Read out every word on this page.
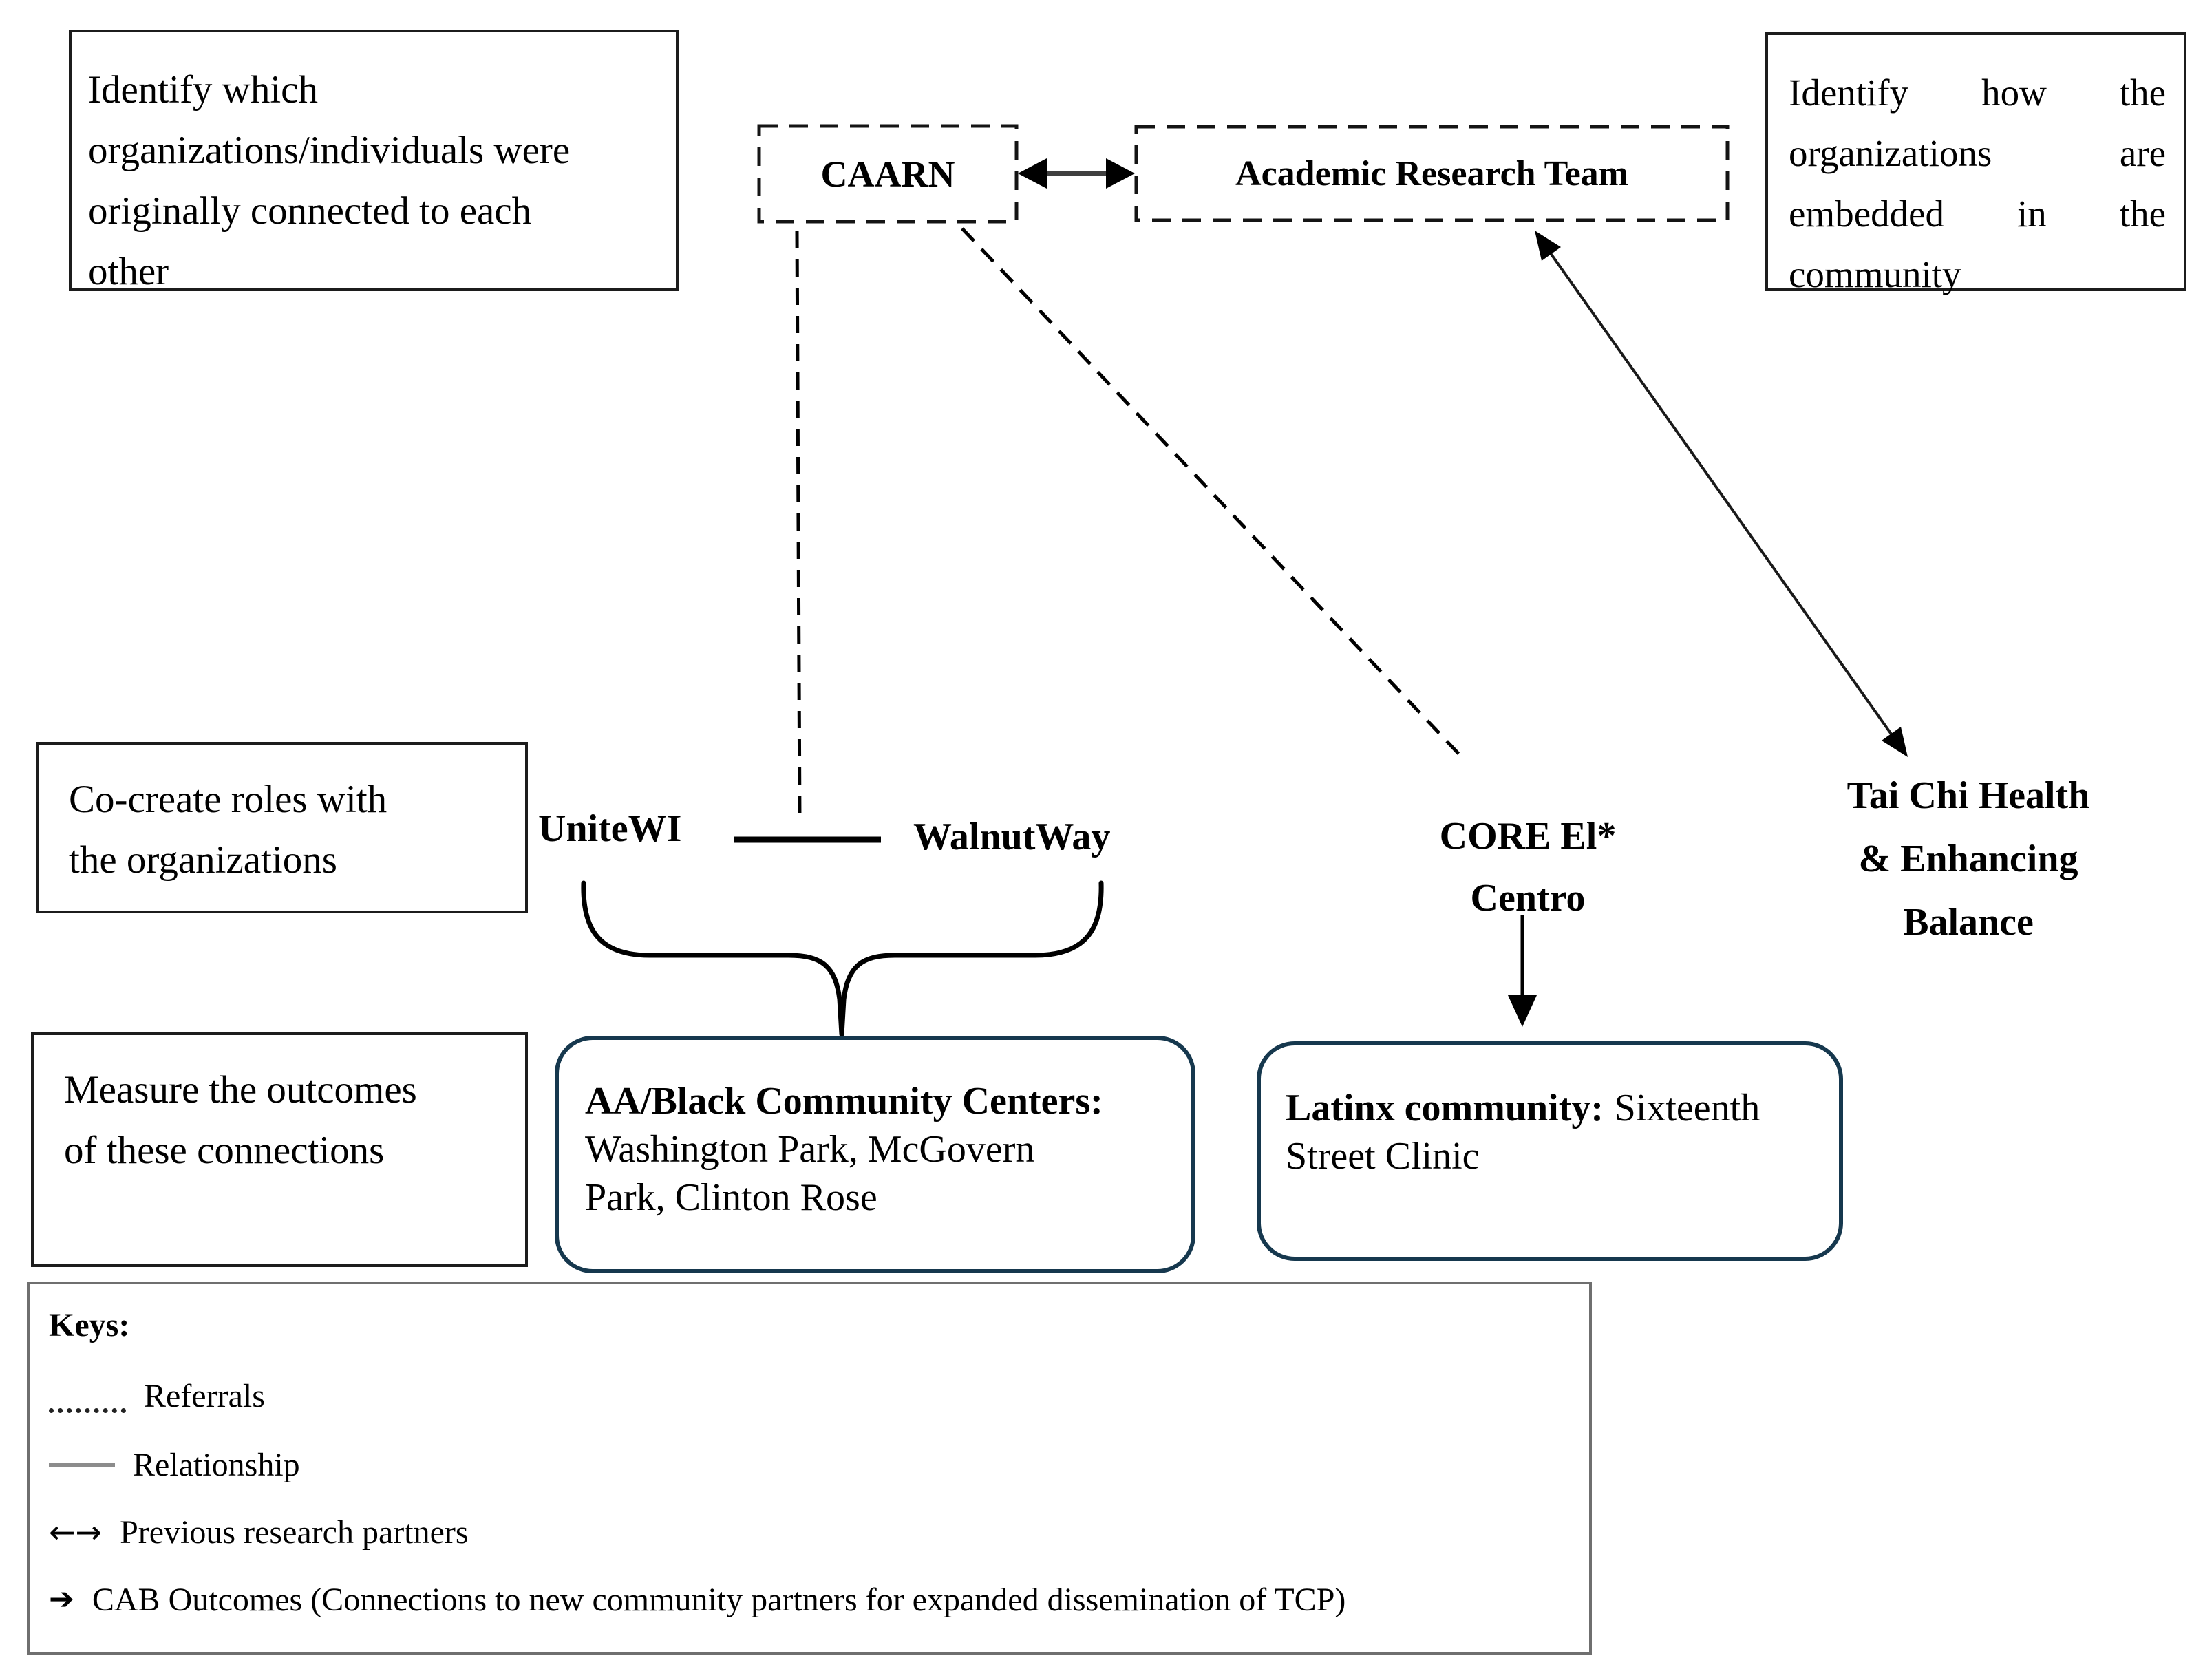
Identify which
organizations/individuals were
originally connected to each
other
Identify how the
organizations are
embedded in the
community
CAARN	Academic Research Team
Co-create roles with
the organizations
Measure the outcomes
of these connections
UniteWI	WalnutWay	CORE El*
Centro
Tai Chi Health
& Enhancing
Balance
AA/Black Community Centers:
Washington Park, McGovern Park, Clinton Rose
Latinx community: Sixteenth Street Clinic
Keys:
Referrals
Relationship
←→ Previous research partners
➔ CAB Outcomes (Connections to new community partners for expanded dissemination of TCP)
